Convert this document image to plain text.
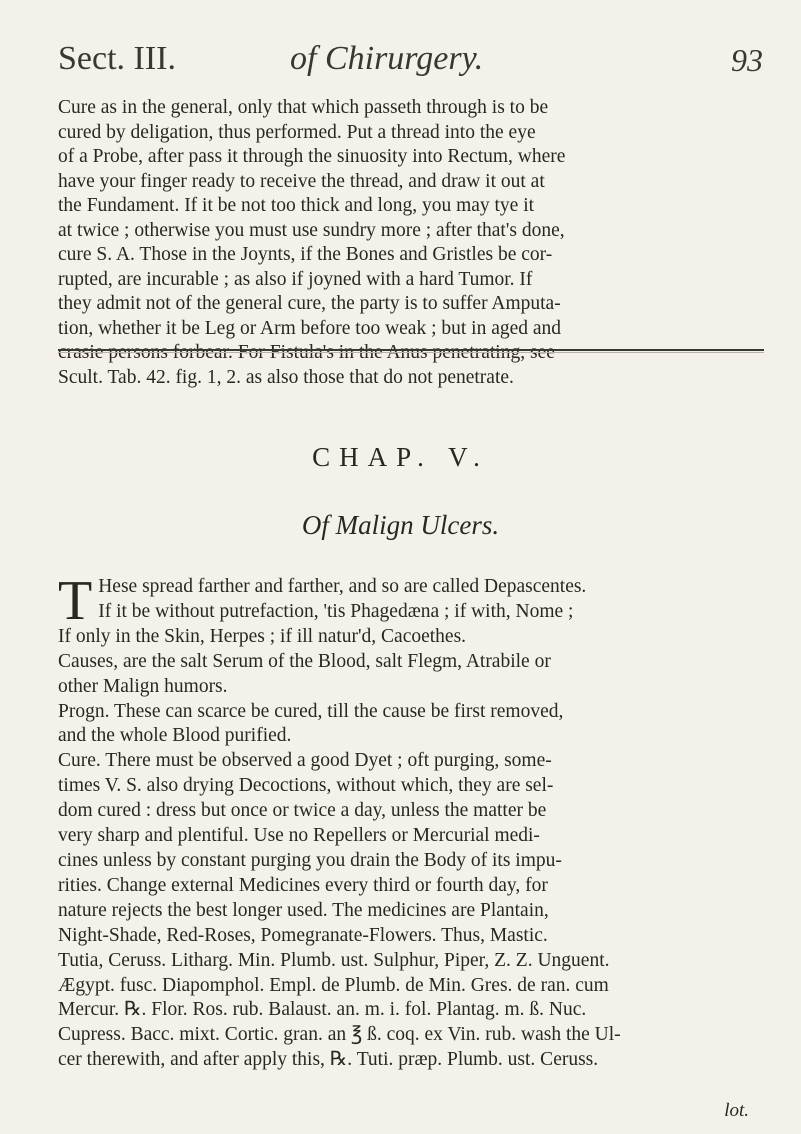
Sect. III.	of Chirurgery.	93
Cure as in the general, only that which passeth through is to be
cured by deligation, thus performed. Put a thread into the eye
of a Probe, after pass it through the sinuosity into Rectum, where
have your finger ready to receive the thread, and draw it out at
the Fundament. If it be not too thick and long, you may tye it
at twice ; otherwise you must use sundry more ; after that's done,
cure S. A. Those in the Joynts, if the Bones and Gristles be cor-
rupted, are incurable ; as also if joyned with a hard Tumor. If
they admit not of the general cure, the party is to suffer Amputa-
tion, whether it be Leg or Arm before too weak ; but in aged and
Scult. Tab. 42. fig. 1, 2. as also those that do not penetrate.
CHAP. V.
Of Malign Ulcers.
T Hese spread farther and farther, and so are called Depascentes.
If it be without putrefaction, 'tis Phagedæna ; if with, Nome ;
If only in the Skin, Herpes ; if ill natur'd, Cacoethes.
Causes, are the salt Serum of the Blood, salt Flegm, Atrabile or
other Malign humors.
Progn. These can scarce be cured, till the cause be first removed,
and the whole Blood purified.
Cure. There must be observed a good Dyet ; oft purging, some-
times V. S. also drying Decoctions, without which, they are sel-
dom cured : dress but once or twice a day, unless the matter be
very sharp and plentiful. Use no Repellers or Mercurial medi-
cines unless by constant purging you drain the Body of its impu-
rities. Change external Medicines every third or fourth day, for
nature rejects the best longer used. The medicines are Plantain,
Night-Shade, Red-Roses, Pomegranate-Flowers. Thus, Mastic.
Tutia, Ceruss. Litharg. Min. Plumb. ust. Sulphur, Piper, Z. Z. Unguent.
Ægypt. fusc. Diapomphol. Empl. de Plumb. de Min. Gres. de ran. cum
Mercur. ℞. Flor. Ros. rub. Balaust. an. m. i. fol. Plantag. m. ß. Nuc.
Cupress. Bacc. mixt. Cortic. gran. an ℥ ß. coq. ex Vin. rub. wash the Ul-
cer therewith, and after apply this, ℞. Tuti. præp. Plumb. ust. Ceruss.
lot.
